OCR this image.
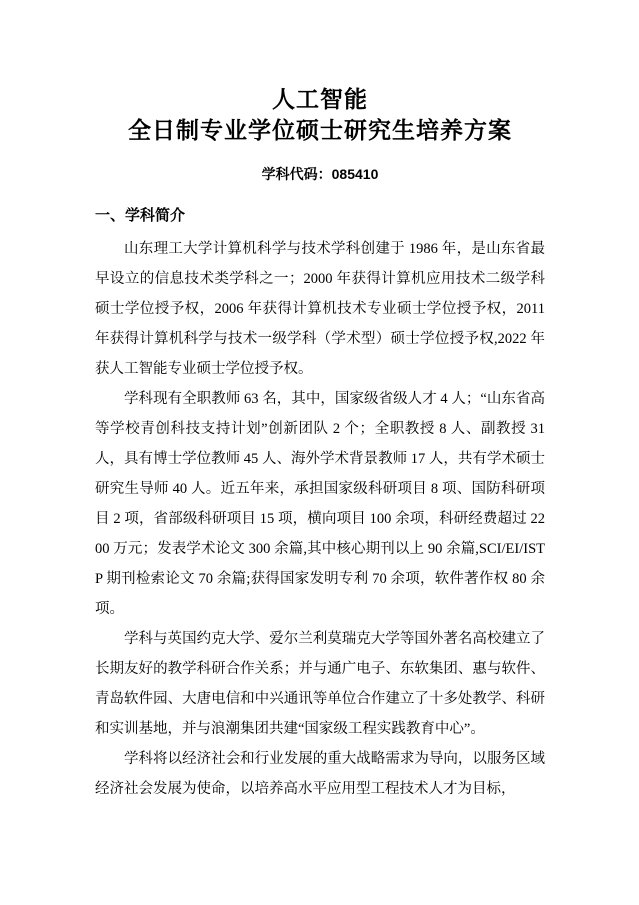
人工智能
全日制专业学位硕士研究生培养方案
学科代码：085410
一、学科简介

山东理工大学计算机科学与技术学科创建于 1986 年，是山东省最早设立的信息技术类学科之一；2000 年获得计算机应用技术二级学科硕士学位授予权，2006 年获得计算机技术专业硕士学位授予权，2011 年获得计算机科学与技术一级学科（学术型）硕士学位授予权,2022 年获人工智能专业硕士学位授予权。

学科现有全职教师 63 名，其中，国家级省级人才 4 人；“山东省高等学校青创科技支持计划”创新团队 2 个；全职教授 8 人、副教授 31 人，具有博士学位教师 45 人、海外学术背景教师 17 人，共有学术硕士研究生导师 40 人。近五年来，承担国家级科研项目 8 项、国防科研项目 2 项，省部级科研项目 15 项，横向项目 100 余项，科研经费超过 2200 万元；发表学术论文 300 余篇,其中核心期刊以上 90 余篇,SCI/EI/ISTP 期刊检索论文 70 余篇;获得国家发明专利 70 余项，软件著作权 80 余项。

学科与英国约克大学、爱尔兰利莫瑞克大学等国外著名高校建立了长期友好的教学科研合作关系；并与通广电子、东软集团、惠与软件、青岛软件园、大唐电信和中兴通讯等单位合作建立了十多处教学、科研和实训基地，并与浪潮集团共建“国家级工程实践教育中心”。

学科将以经济社会和行业发展的重大战略需求为导向，以服务区域经济社会发展为使命，以培养高水平应用型工程技术人才为目标，
